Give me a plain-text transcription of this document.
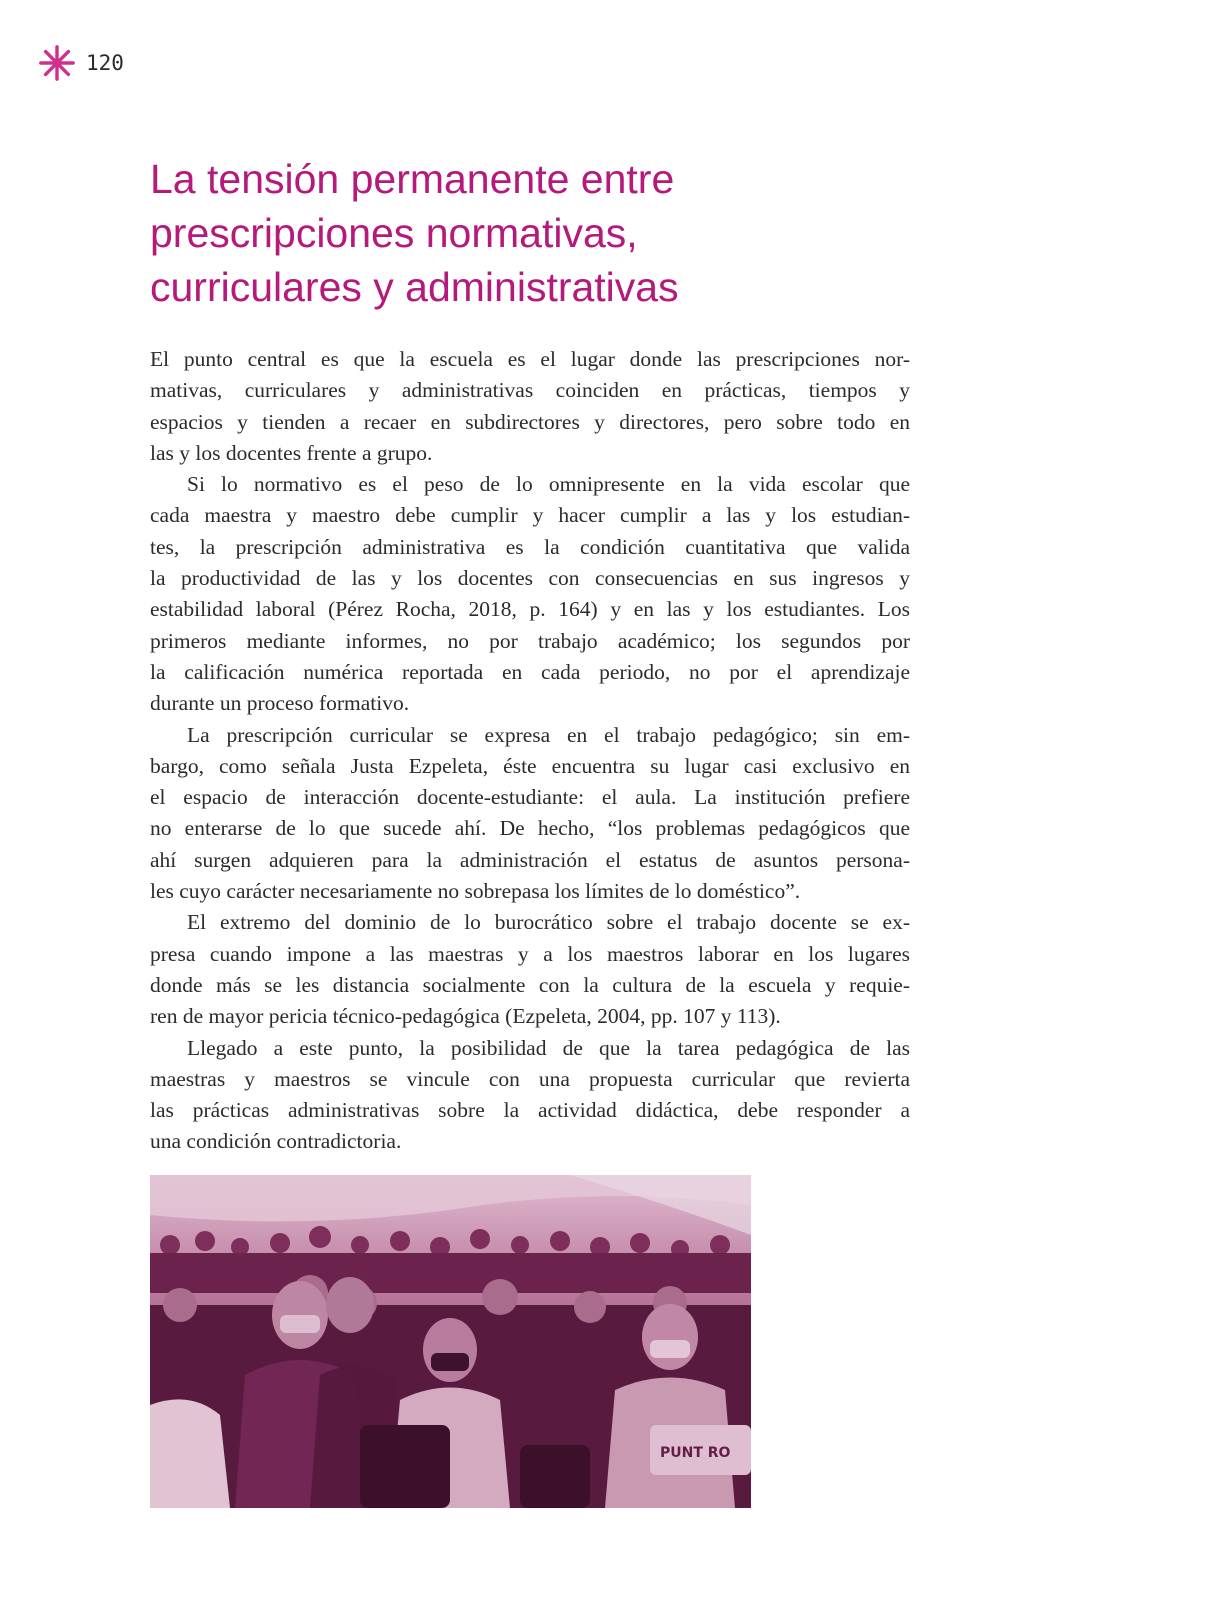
120
La tensión permanente entre
prescripciones normativas,
curriculares y administrativas

El punto central es que la escuela es el lugar donde las prescripciones nor-
mativas, curriculares y administrativas coinciden en prácticas, tiempos y
espacios y tienden a recaer en subdirectores y directores, pero sobre todo en
las y los docentes frente a grupo.

Si lo normativo es el peso de lo omnipresente en la vida escolar que
cada maestra y maestro debe cumplir y hacer cumplir a las y los estudian-
tes, la prescripción administrativa es la condición cuantitativa que valida
la productividad de las y los docentes con consecuencias en sus ingresos y
estabilidad laboral (Pérez Rocha, 2018, p. 164) y en las y los estudiantes. Los
primeros mediante informes, no por trabajo académico; los segundos por
la calificación numérica reportada en cada periodo, no por el aprendizaje
durante un proceso formativo.

La prescripción curricular se expresa en el trabajo pedagógico; sin em-
bargo, como señala Justa Ezpeleta, éste encuentra su lugar casi exclusivo en
el espacio de interacción docente-estudiante: el aula. La institución prefiere
no enterarse de lo que sucede ahí. De hecho, “los problemas pedagógicos que
ahí surgen adquieren para la administración el estatus de asuntos persona-
les cuyo carácter necesariamente no sobrepasa los límites de lo doméstico”.

El extremo del dominio de lo burocrático sobre el trabajo docente se ex-
presa cuando impone a las maestras y a los maestros laborar en los lugares
donde más se les distancia socialmente con la cultura de la escuela y requie-
ren de mayor pericia técnico-pedagógica (Ezpeleta, 2004, pp. 107 y 113).

Llegado a este punto, la posibilidad de que la tarea pedagógica de las
maestras y maestros se vincule con una propuesta curricular que revierta
las prácticas administrativas sobre la actividad didáctica, debe responder a
una condición contradictoria.

PUNT RO
